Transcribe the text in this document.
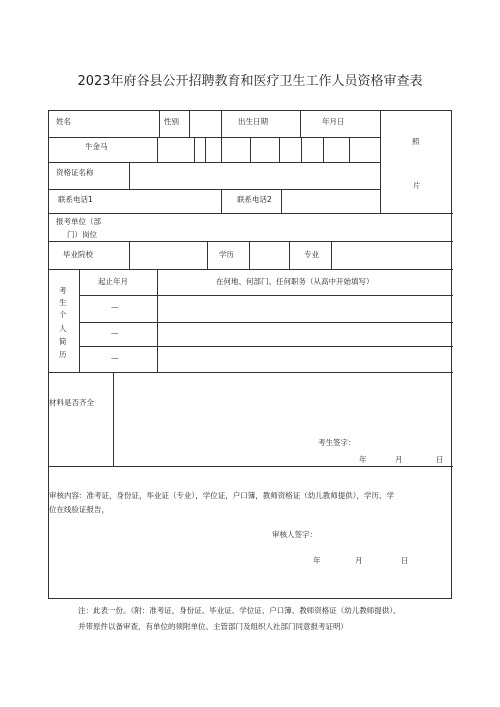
2023年府谷县公开招聘教育和医疗卫生工作人员资格审查表
姓名	性别	出生日期	年月日
照
片
牛金马
资格证名称
联系电话1	联系电话2
报考单位（部
门）岗位
毕业院校	学历	专业
考
生
个
人
简
历
起止年月	在何地、何部门、任何职务（从高中开始填写）
—
—
—
材料是否齐全
考生签字：
年	月	日
审核内容：准考证，身份证，毕业证（专业），学位证，户口簿，教师资格证（幼儿教师提供），学历、学
位在线验证报告，
审核人签字：
年	月	日
注：此表一份。（附：准考证，身份证、毕业证、学位证、户口簿、教师资格证（幼儿教师提供）、
并带原件以备审查，有单位的须附单位、主管部门及组织人社部门同意报考证明）
